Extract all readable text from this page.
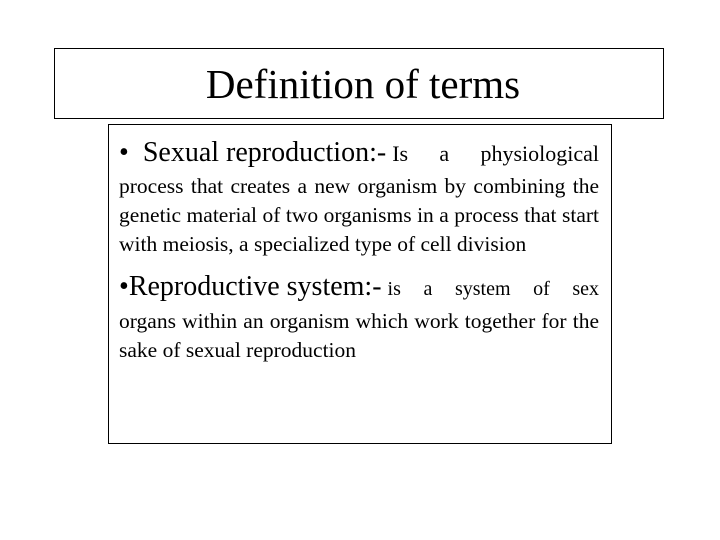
Definition of terms
• Sexual reproduction:- Is a physiological
process that creates a new organism by combining the genetic material of two organisms in a process that start with meiosis, a specialized type of cell division
• Reproductive system:- is a system of sex
organs within an organism which work together for the sake of sexual reproduction
